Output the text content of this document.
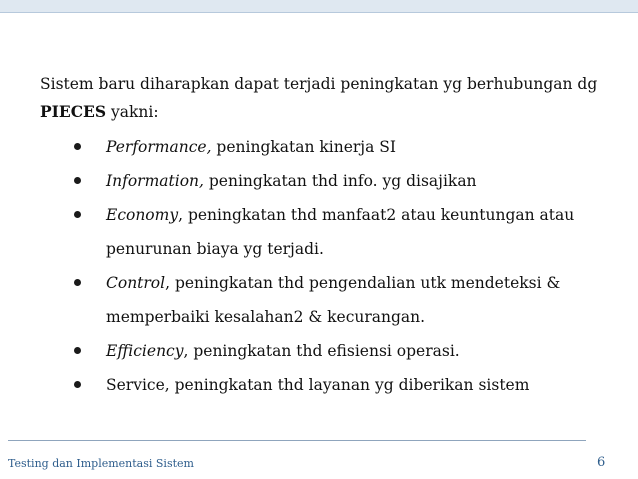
Sistem baru diharapkan dapat terjadi peningkatan yg berhubungan dg
PIECES yakni:

Performance, peningkatan kinerja SI
Information, peningkatan thd info. yg disajikan
Economy, peningkatan thd manfaat2 atau keuntungan atau penurunan biaya yg terjadi.
Control, peningkatan thd pengendalian utk mendeteksi & memperbaiki kesalahan2 & kecurangan.
Efficiency, peningkatan thd efisiensi operasi.
Service, peningkatan thd layanan yg diberikan sistem
Testing dan Implementasi Sistem	6
